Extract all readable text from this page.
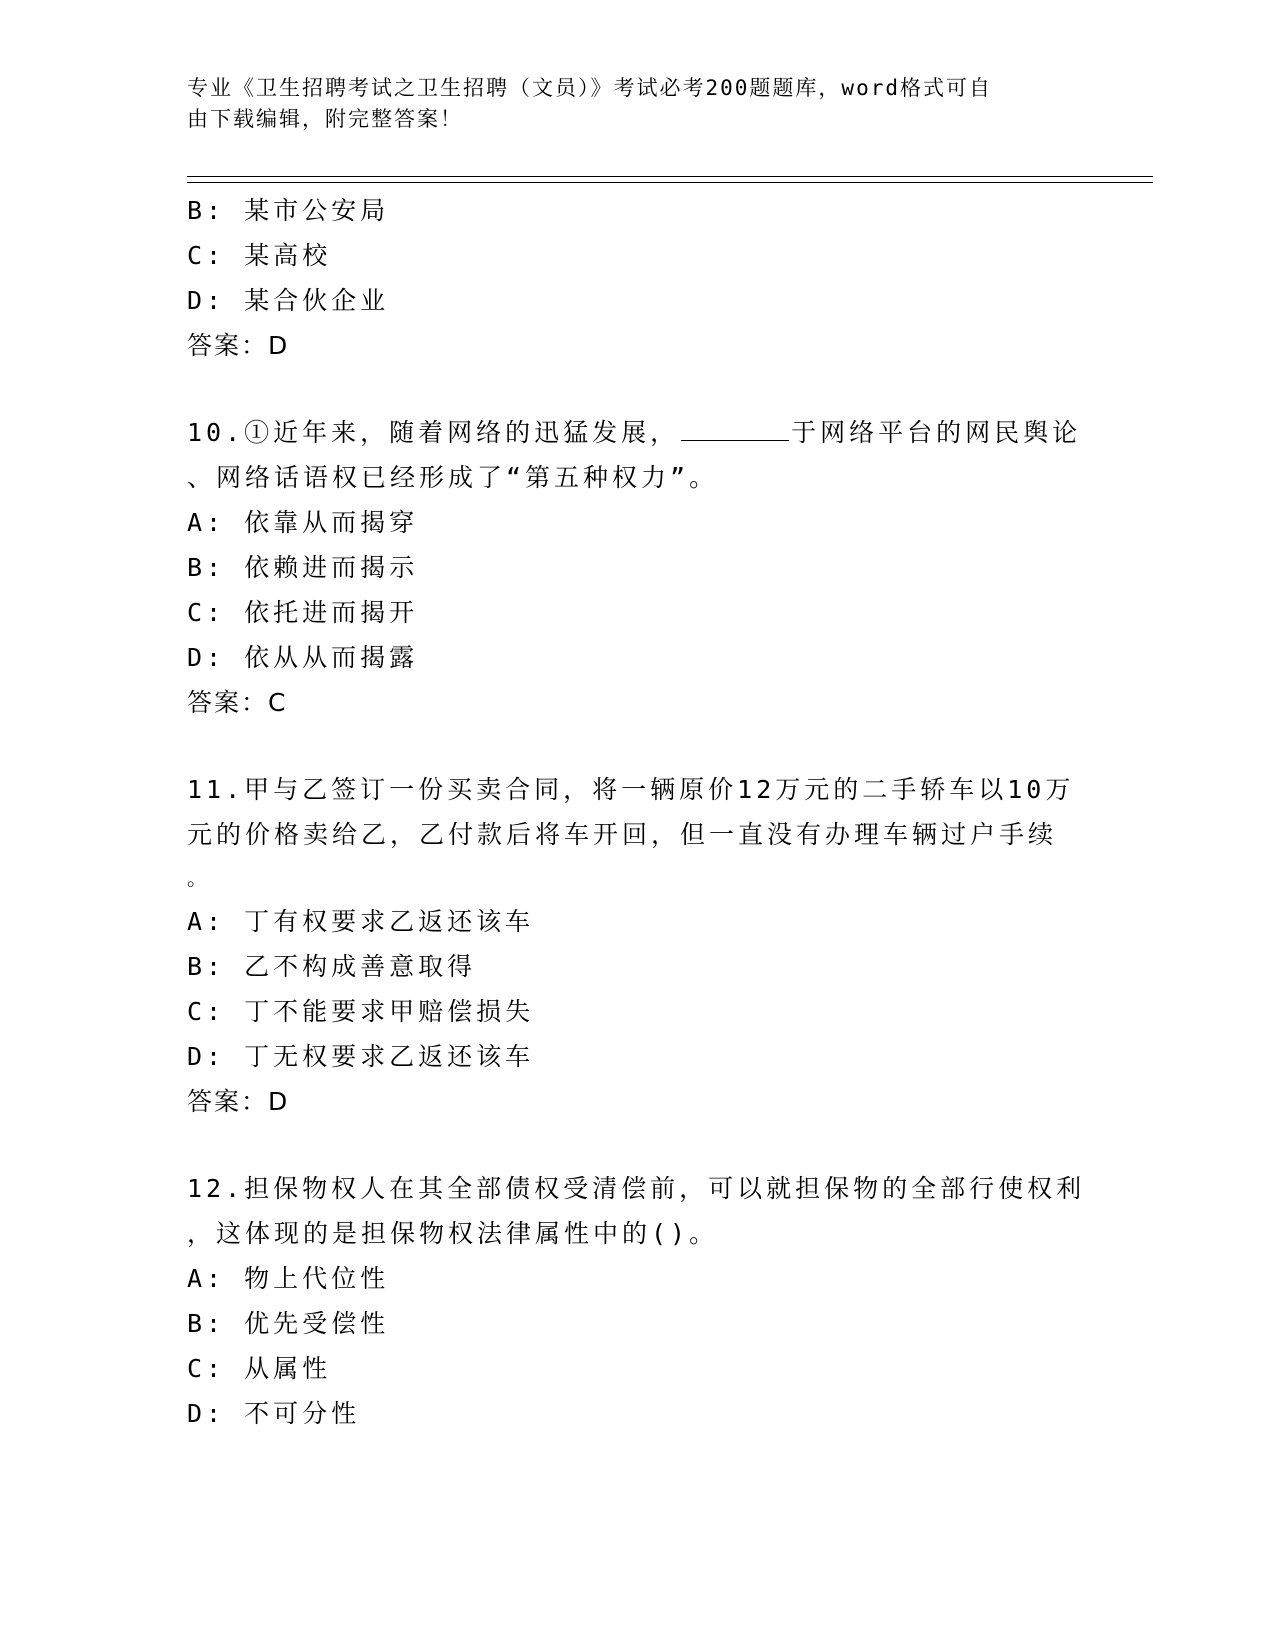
专业《卫生招聘考试之卫生招聘（文员）》考试必考200题题库，word格式可自
由下载编辑，附完整答案！
B: 某市公安局
C: 某高校
D: 某合伙企业
答案：D
10.①近年来，随着网络的迅猛发展，	于网络平台的网民舆论
、网络话语权已经形成了“第五种权力”。
A: 依靠从而揭穿
B: 依赖进而揭示
C: 依托进而揭开
D: 依从从而揭露
答案：C
11.甲与乙签订一份买卖合同，将一辆原价12万元的二手轿车以10万
元的价格卖给乙，乙付款后将车开回，但一直没有办理车辆过户手续
。
A: 丁有权要求乙返还该车
B: 乙不构成善意取得
C: 丁不能要求甲赔偿损失
D: 丁无权要求乙返还该车
答案：D
12.担保物权人在其全部债权受清偿前，可以就担保物的全部行使权利
，这体现的是担保物权法律属性中的()。
A: 物上代位性
B: 优先受偿性
C: 从属性
D: 不可分性
